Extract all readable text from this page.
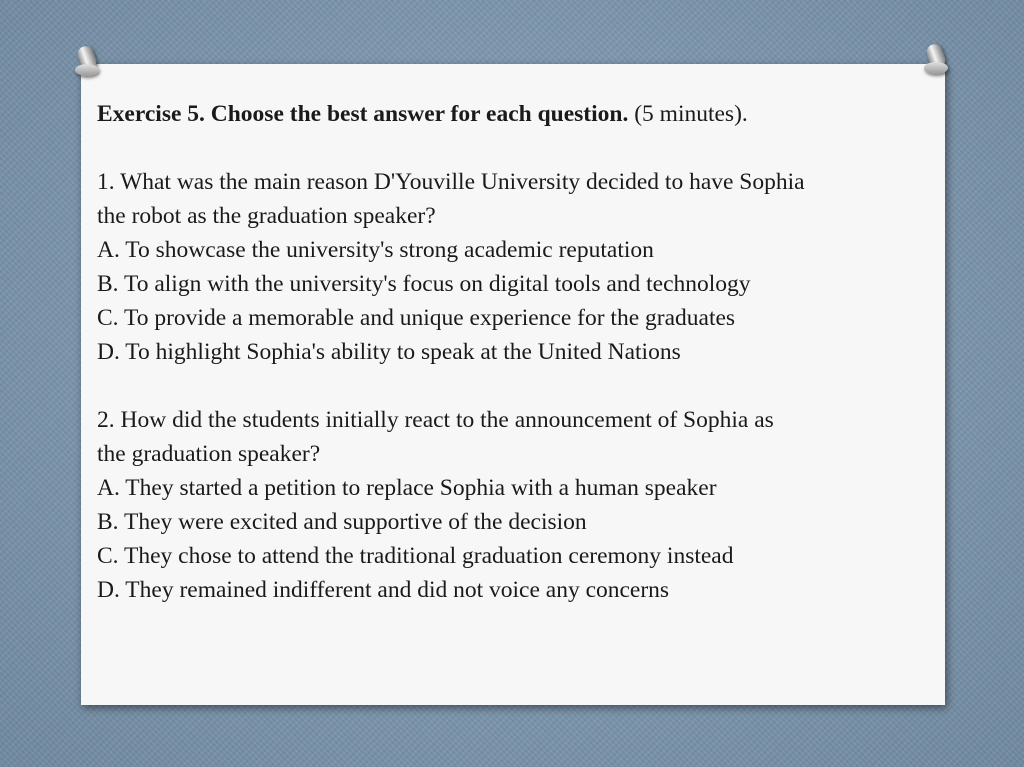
Exercise 5. Choose the best answer for each question. (5 minutes).

1. What was the main reason D'Youville University decided to have Sophia

the robot as the graduation speaker?

A. To showcase the university's strong academic reputation

B. To align with the university's focus on digital tools and technology

C. To provide a memorable and unique experience for the graduates

D. To highlight Sophia's ability to speak at the United Nations

2. How did the students initially react to the announcement of Sophia as

the graduation speaker?

A. They started a petition to replace Sophia with a human speaker

B. They were excited and supportive of the decision

C. They chose to attend the traditional graduation ceremony instead

D. They remained indifferent and did not voice any concerns
